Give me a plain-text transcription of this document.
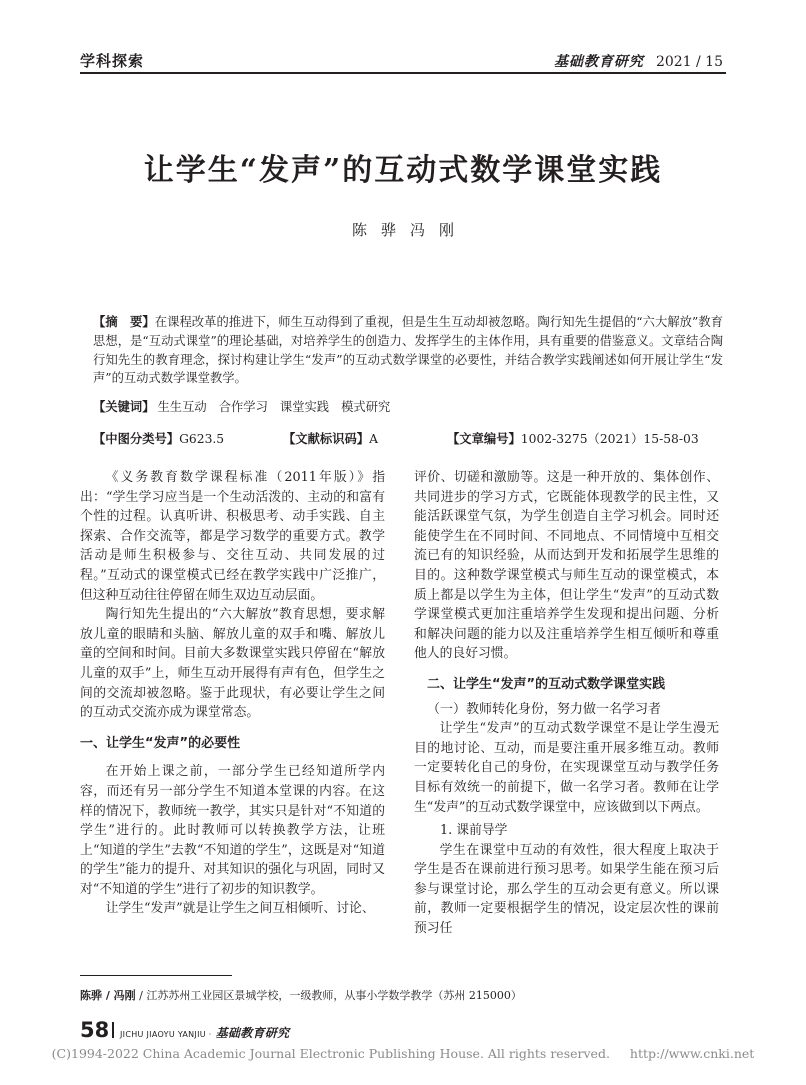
学科探索	基础教育研究 2021 / 15
让学生“发声”的互动式数学课堂实践
陈 骅 冯 刚
【摘　要】在课程改革的推进下，师生互动得到了重视，但是生生互动却被忽略。陶行知先生提倡的“六大解放”教育思想，是“互动式课堂”的理论基础，对培养学生的创造力、发挥学生的主体作用，具有重要的借鉴意义。文章结合陶行知先生的教育理念，探讨构建让学生“发声”的互动式数学课堂的必要性，并结合教学实践阐述如何开展让学生“发声”的互动式数学课堂教学。
【关键词】 生生互动 合作学习 课堂实践 模式研究
【中图分类号】G623.5	【文献标识码】A	【文章编号】1002-3275（2021）15-58-03

《义务教育数学课程标准（2011年版）》指出：“学生学习应当是一个生动活泼的、主动的和富有个性的过程。认真听讲、积极思考、动手实践、自主探索、合作交流等，都是学习数学的重要方式。教学活动是师生积极参与、交往互动、共同发展的过程。”互动式的课堂模式已经在教学实践中广泛推广，但这种互动往往停留在师生双边互动层面。

陶行知先生提出的“六大解放”教育思想，要求解放儿童的眼睛和头脑、解放儿童的双手和嘴、解放儿童的空间和时间。目前大多数课堂实践只停留在“解放儿童的双手”上，师生互动开展得有声有色，但学生之间的交流却被忽略。鉴于此现状，有必要让学生之间的互动式交流亦成为课堂常态。

一、让学生“发声”的必要性

在开始上课之前，一部分学生已经知道所学内容，而还有另一部分学生不知道本堂课的内容。在这样的情况下，教师统一教学，其实只是针对“不知道的学生”进行的。此时教师可以转换教学方法，让班上“知道的学生”去教“不知道的学生”，这既是对“知道的学生”能力的提升、对其知识的强化与巩固，同时又对“不知道的学生”进行了初步的知识教学。

让学生“发声”就是让学生之间互相倾听、讨论、

评价、切磋和激励等。这是一种开放的、集体创作、共同进步的学习方式，它既能体现教学的民主性，又能活跃课堂气氛，为学生创造自主学习机会。同时还能使学生在不同时间、不同地点、不同情境中互相交流已有的知识经验，从而达到开发和拓展学生思维的目的。这种数学课堂模式与师生互动的课堂模式，本质上都是以学生为主体，但让学生“发声”的互动式数学课堂模式更加注重培养学生发现和提出问题、分析和解决问题的能力以及注重培养学生相互倾听和尊重他人的良好习惯。

二、让学生“发声”的互动式数学课堂实践
（一）教师转化身份，努力做一名学习者

让学生“发声”的互动式数学课堂不是让学生漫无目的地讨论、互动，而是要注重开展多维互动。教师一定要转化自己的身份，在实现课堂互动与教学任务目标有效统一的前提下，做一名学习者。教师在让学生“发声”的互动式数学课堂中，应该做到以下两点。

1. 课前导学

学生在课堂中互动的有效性，很大程度上取决于学生是否在课前进行预习思考。如果学生能在预习后参与课堂讨论，那么学生的互动会更有意义。所以课前，教师一定要根据学生的情况，设定层次性的课前预习任

陈骅 / 冯刚 / 江苏苏州工业园区景城学校，一级教师，从事小学数学教学（苏州 215000）
58 JICHU JIAOYU YANJIU · 基础教育研究
(C)1994-2022 China Academic Journal Electronic Publishing House. All rights reserved. http://www.cnki.net
